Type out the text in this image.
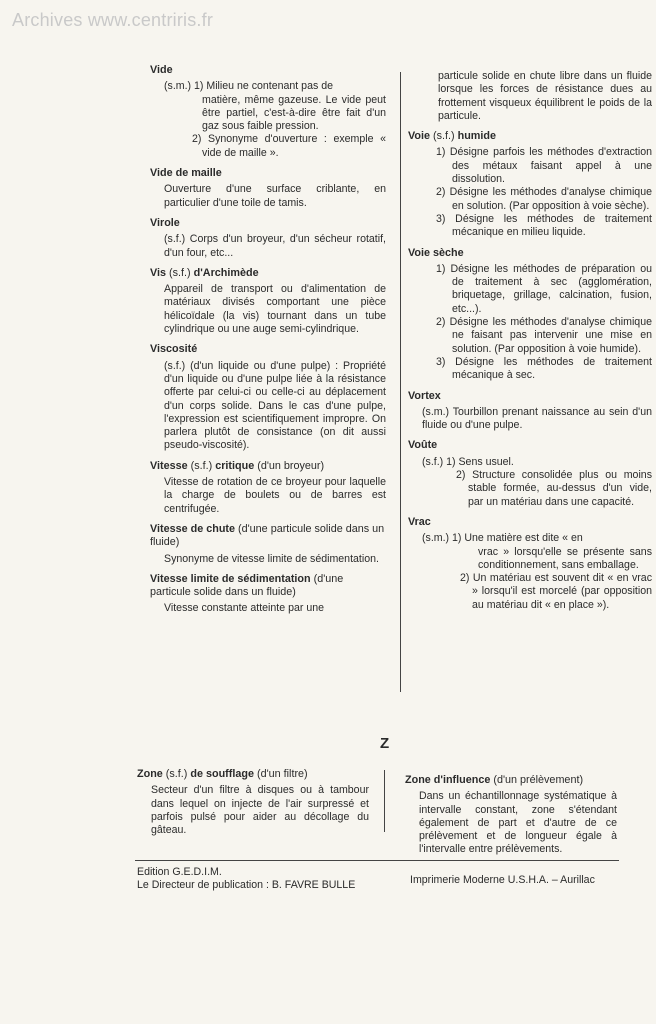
Archives www.centriris.fr
Vide

(s.m.) 1) Milieu ne contenant pas de

matière, même gazeuse. Le vide peut être partiel, c'est-à-dire être fait d'un gaz sous faible pression.

2) Synonyme d'ouverture : exemple « vide de maille ».

Vide de maille

Ouverture d'une surface criblante, en particulier d'une toile de tamis.

Virole

(s.f.) Corps d'un broyeur, d'un sécheur rotatif, d'un four, etc...

Vis (s.f.) d'Archimède

Appareil de transport ou d'alimentation de matériaux divisés comportant une pièce hélicoïdale (la vis) tournant dans un tube cylindrique ou une auge semi-cylindrique.

Viscosité

(s.f.) (d'un liquide ou d'une pulpe) : Propriété d'un liquide ou d'une pulpe liée à la résistance offerte par celui-ci ou celle-ci au déplacement d'un corps solide. Dans le cas d'une pulpe, l'expression est scientifiquement impropre. On parlera plutôt de consistance (on dit aussi pseudo-viscosité).

Vitesse (s.f.) critique (d'un broyeur)

Vitesse de rotation de ce broyeur pour laquelle la charge de boulets ou de barres est centrifugée.

Vitesse de chute (d'une particule solide dans un fluide)

Synonyme de vitesse limite de sédimentation.

Vitesse limite de sédimentation (d'une particule solide dans un fluide)

Vitesse constante atteinte par une

particule solide en chute libre dans un fluide lorsque les forces de résistance dues au frottement visqueux équilibrent le poids de la particule.

Voie (s.f.) humide

1) Désigne parfois les méthodes d'extraction des métaux faisant appel à une dissolution.

2) Désigne les méthodes d'analyse chimique en solution. (Par opposition à voie sèche).

3) Désigne les méthodes de traitement mécanique en milieu liquide.

Voie sèche

1) Désigne les méthodes de préparation ou de traitement à sec (agglomération, briquetage, grillage, calcination, fusion, etc...).

2) Désigne les méthodes d'analyse chimique ne faisant pas intervenir une mise en solution. (Par opposition à voie humide).

3) Désigne les méthodes de traitement mécanique à sec.

Vortex

(s.m.) Tourbillon prenant naissance au sein d'un fluide ou d'une pulpe.

Voûte

(s.f.) 1) Sens usuel.

2) Structure consolidée plus ou moins stable formée, au-dessus d'un vide, par un matériau dans une capacité.

Vrac

(s.m.) 1) Une matière est dite « en

vrac » lorsqu'elle se présente sans conditionnement, sans emballage.

2) Un matériau est souvent dit « en vrac » lorsqu'il est morcelé (par opposition au matériau dit « en place »).

Z
Zone (s.f.) de soufflage (d'un filtre)

Secteur d'un filtre à disques ou à tambour dans lequel on injecte de l'air surpressé et parfois pulsé pour aider au décollage du gâteau.

Zone d'influence (d'un prélèvement)

Dans un échantillonnage systématique à intervalle constant, zone s'étendant également de part et d'autre de ce prélèvement et de longueur égale à l'intervalle entre prélèvements.

Edition G.E.D.I.M.
Le Directeur de publication : B. FAVRE BULLE	Imprimerie Moderne U.S.H.A. – Aurillac
